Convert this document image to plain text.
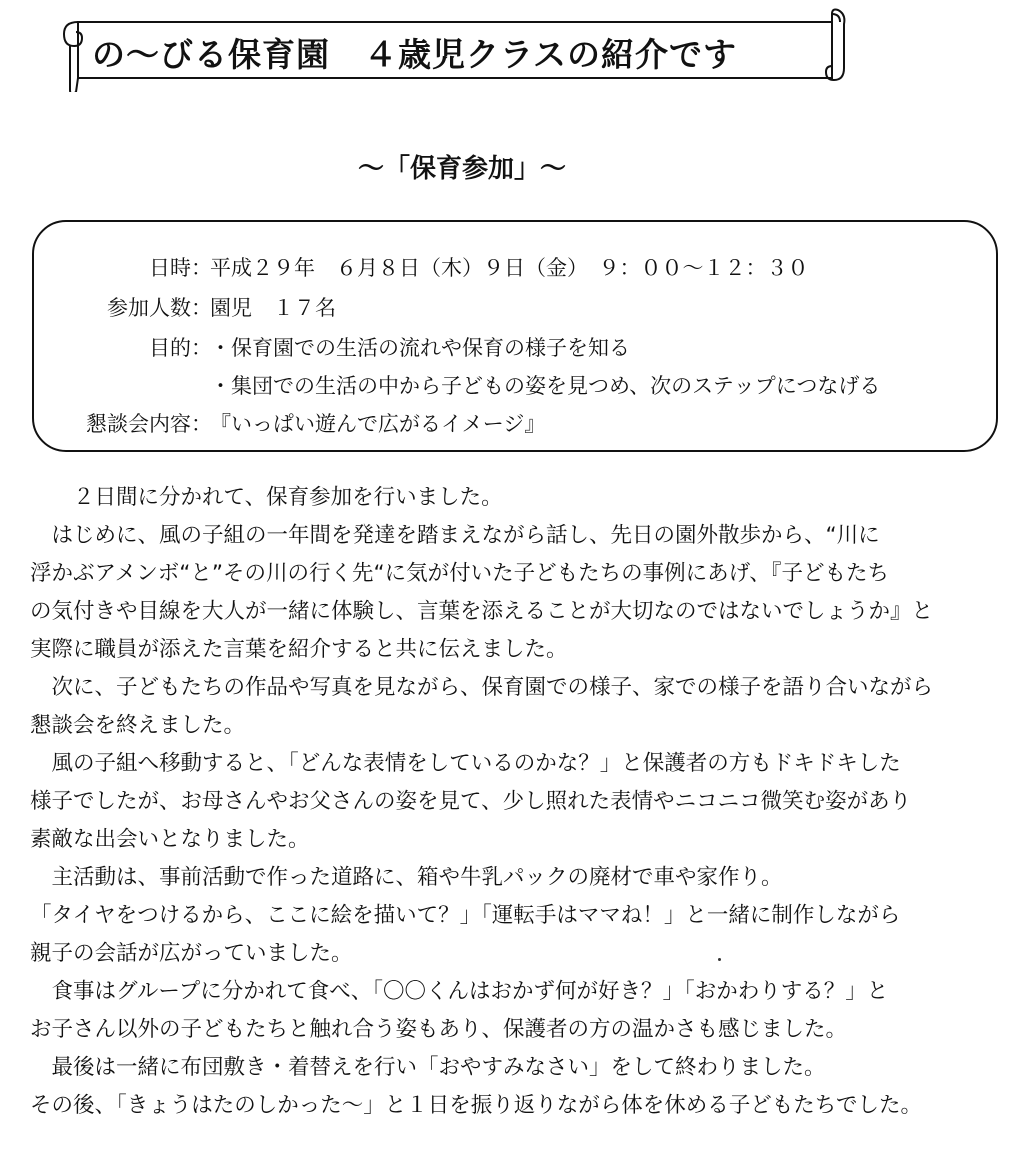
の～びる保育園　４歳児クラスの紹介です
～「保育参加」～
日時：
平成２９年　６月８日（木）９日（金）　９：００～１２：３０
参加人数：
園児　１７名
目的：
・保育園での生活の流れや保育の様子を知る
・集団での生活の中から子どもの姿を見つめ、次のステップにつなげる
懇談会内容：
『いっぱい遊んで広がるイメージ』
　　２日間に分かれて、保育参加を行いました。
　はじめに、風の子組の一年間を発達を踏まえながら話し、先日の園外散歩から、“川に
浮かぶアメンボ“と”その川の行く先“に気が付いた子どもたちの事例にあげ、『子どもたち
の気付きや目線を大人が一緒に体験し、言葉を添えることが大切なのではないでしょうか』と
実際に職員が添えた言葉を紹介すると共に伝えました。
　次に、子どもたちの作品や写真を見ながら、保育園での様子、家での様子を語り合いながら
懇談会を終えました。
　風の子組へ移動すると、「どんな表情をしているのかな？」と保護者の方もドキドキした
様子でしたが、お母さんやお父さんの姿を見て、少し照れた表情やニコニコ微笑む姿があり
素敵な出会いとなりました。
　主活動は、事前活動で作った道路に、箱や牛乳パックの廃材で車や家作り。
「タイヤをつけるから、ここに絵を描いて？」「運転手はママね！」と一緒に制作しながら
親子の会話が広がっていました。
　食事はグループに分かれて食べ、「〇〇くんはおかず何が好き？」「おかわりする？」と
お子さん以外の子どもたちと触れ合う姿もあり、保護者の方の温かさも感じました。
　最後は一緒に布団敷き・着替えを行い「おやすみなさい」をして終わりました。
その後、「きょうはたのしかった～」と１日を振り返りながら体を休める子どもたちでした。
